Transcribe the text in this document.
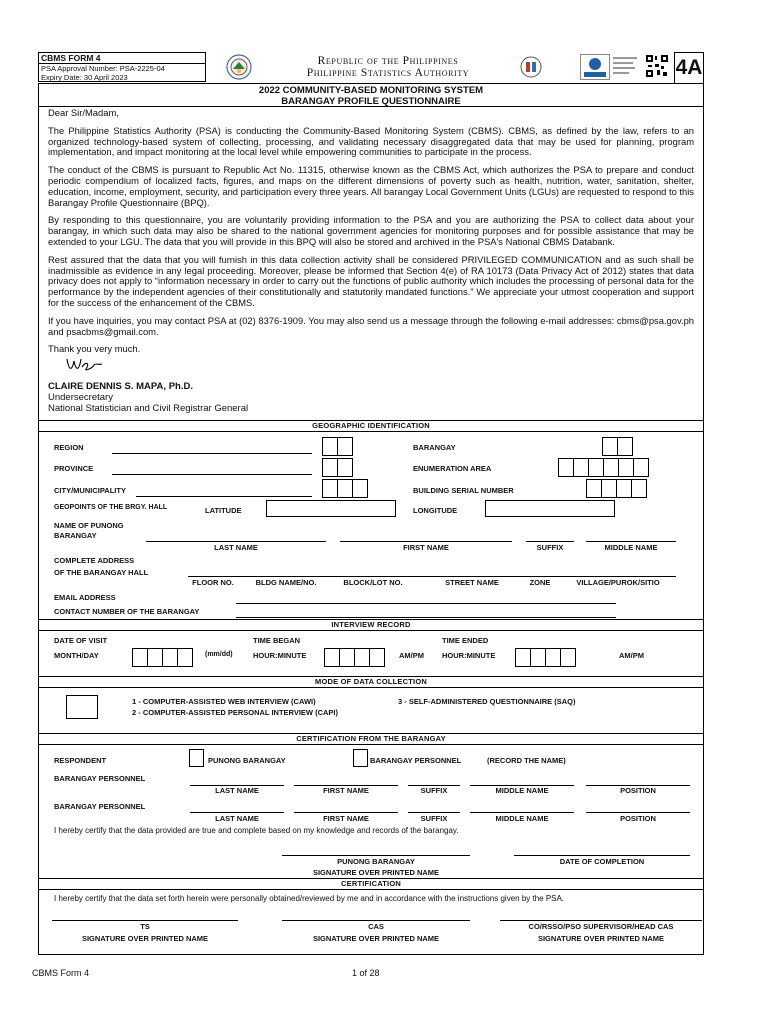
CBMS FORM 4
PSA Approval Number: PSA-2225-04
Expiry Date: 30 April 2023
Republic of the Philippines
Philippine Statistics Authority	4A
2022 COMMUNITY-BASED MONITORING SYSTEM
BARANGAY PROFILE QUESTIONNAIRE

Dear Sir/Madam,

The Philippine Statistics Authority (PSA) is conducting the Community-Based Monitoring System (CBMS). CBMS, as defined by the law, refers to an organized technology-based system of collecting, processing, and validating necessary disaggregated data that may be used for planning, program implementation, and impact monitoring at the local level while empowering communities to participate in the process.

The conduct of the CBMS is pursuant to Republic Act No. 11315, otherwise known as the CBMS Act, which authorizes the PSA to prepare and conduct periodic compendium of localized facts, figures, and maps on the different dimensions of poverty such as health, nutrition, water, sanitation, shelter, education, income, employment, security, and participation every three years. All barangay Local Government Units (LGUs) are requested to respond to this Barangay Profile Questionnaire (BPQ).

By responding to this questionnaire, you are voluntarily providing information to the PSA and you are authorizing the PSA to collect data about your barangay, in which such data may also be shared to the national government agencies for monitoring purposes and for possible assistance that may be extended to your LGU. The data that you will provide in this BPQ will also be stored and archived in the PSA's National CBMS Databank.

Rest assured that the data that you will furnish in this data collection activity shall be considered PRIVILEGED COMMUNICATION and as such shall be inadmissible as evidence in any legal proceeding. Moreover, please be informed that Section 4(e) of RA 10173 (Data Privacy Act of 2012) states that data privacy does not apply to “information necessary in order to carry out the functions of public authority which includes the processing of personal data for the performance by the independent agencies of their constitutionally and statutorily mandated functions.” We appreciate your utmost cooperation and support for the success of the enhancement of the CBMS.

If you have inquiries, you may contact PSA at (02) 8376-1909. You may also send us a message through the following e-mail addresses: cbms@psa.gov.ph and psacbms@gmail.com.

Thank you very much.

CLAIRE DENNIS S. MAPA, Ph.D.
Undersecretary
National Statistician and Civil Registrar General
GEOGRAPHIC IDENTIFICATION
REGION
PROVINCE
CITY/MUNICIPALITY
BARANGAY
ENUMERATION AREA
BUILDING SERIAL NUMBER
GEOPOINTS OF THE BRGY. HALL	LATITUDE	LONGITUDE
NAME OF PUNONG
BARANGAY
LAST NAME	FIRST NAME	SUFFIX	MIDDLE NAME
COMPLETE ADDRESS
OF THE BARANGAY HALL
FLOOR NO.	BLDG NAME/NO.	BLOCK/LOT NO.	STREET NAME	ZONE	VILLAGE/PUROK/SITIO
EMAIL ADDRESS
CONTACT NUMBER OF THE BARANGAY
INTERVIEW RECORD
DATE OF VISIT
MONTH/DAY	(mm/dd)
TIME BEGAN
HOUR:MINUTE	AM/PM
TIME ENDED
HOUR:MINUTE	AM/PM
MODE OF DATA COLLECTION
1 - COMPUTER-ASSISTED WEB INTERVIEW (CAWI)
2 - COMPUTER-ASSISTED PERSONAL INTERVIEW (CAPI)
3 - SELF-ADMINISTERED QUESTIONNAIRE (SAQ)
CERTIFICATION FROM THE BARANGAY
RESPONDENT	PUNONG BARANGAY	BARANGAY PERSONNEL	(RECORD THE NAME)
BARANGAY PERSONNEL
LAST NAME	FIRST NAME	SUFFIX	MIDDLE NAME	POSITION
BARANGAY PERSONNEL
LAST NAME	FIRST NAME	SUFFIX	MIDDLE NAME	POSITION
I hereby certify that the data provided are true and complete based on my knowledge and records of the barangay.
PUNONG BARANGAY	DATE OF COMPLETION
SIGNATURE OVER PRINTED NAME
CERTIFICATION
I hereby certify that the data set forth herein were personally obtained/reviewed by me and in accordance with the instructions given by the PSA.
TS	CAS	CO/RSSO/PSO SUPERVISOR/HEAD CAS
SIGNATURE OVER PRINTED NAME	SIGNATURE OVER PRINTED NAME	SIGNATURE OVER PRINTED NAME
CBMS Form 4	1 of 28
